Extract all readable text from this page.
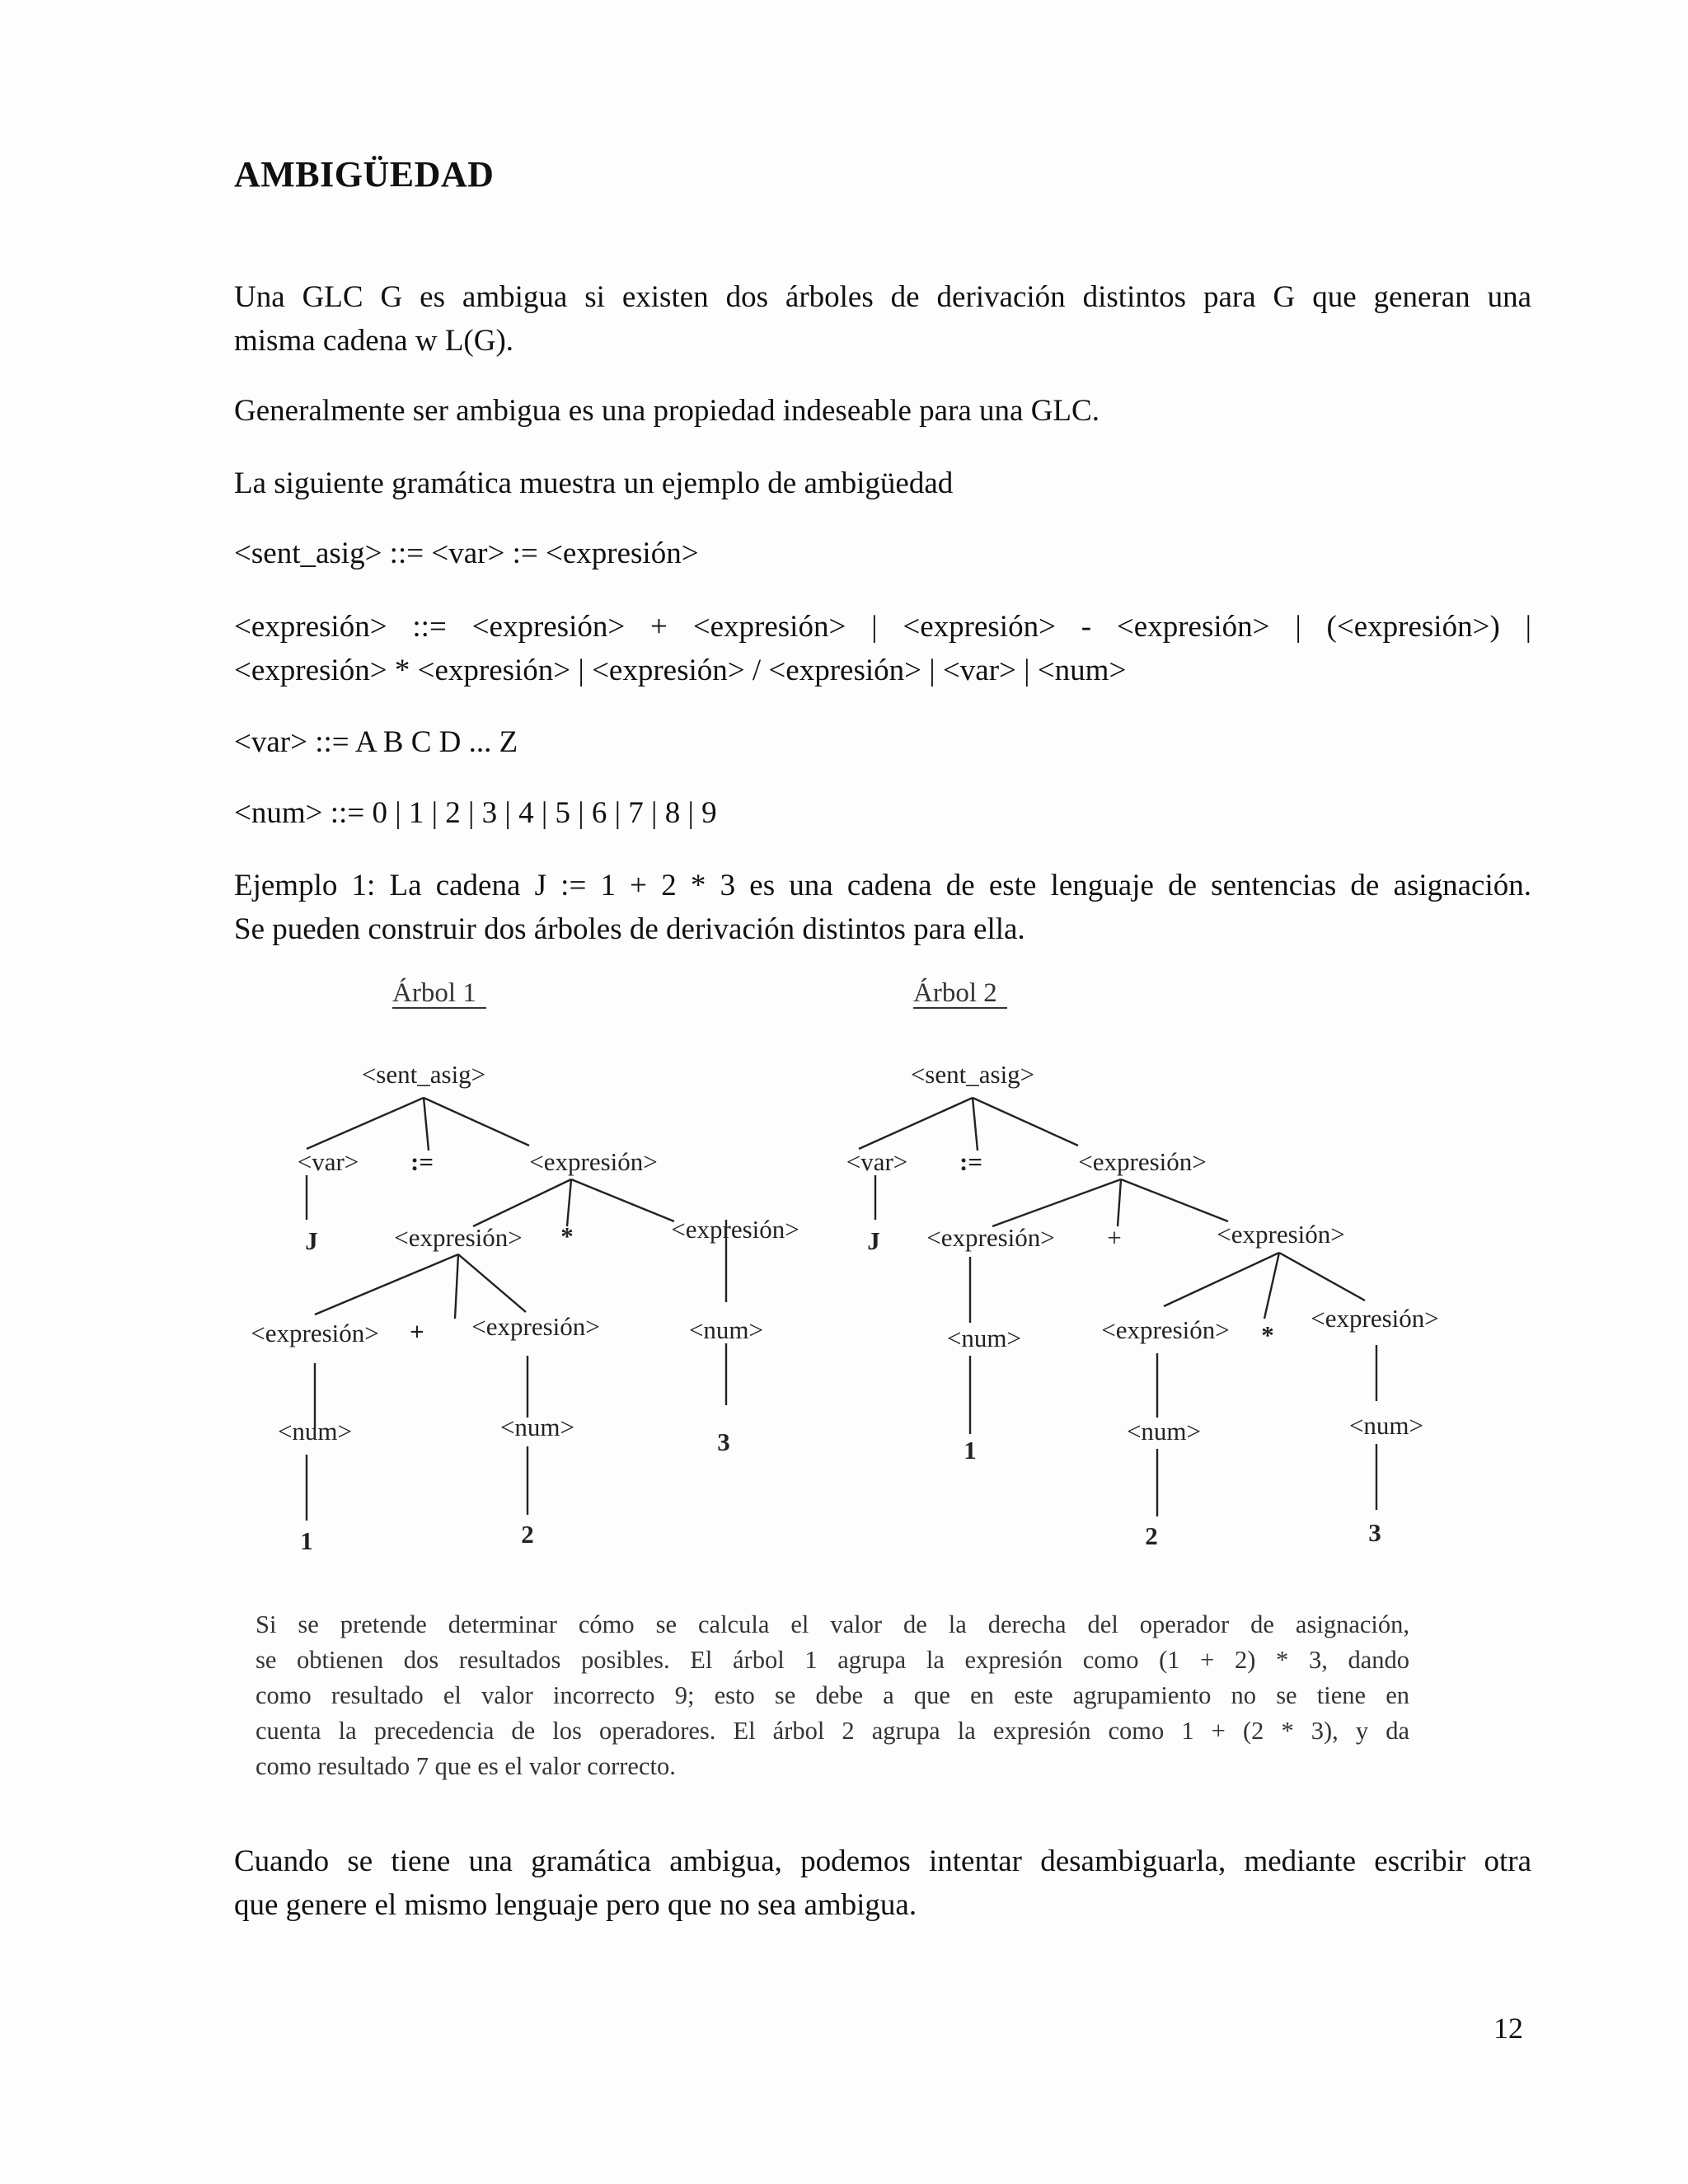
AMBIGÜEDAD

Una GLC G es ambigua si existen dos árboles de derivación distintos para G que generan una
misma cadena w L(G).

Generalmente ser ambigua es una propiedad indeseable para una GLC.

La siguiente gramática muestra un ejemplo de ambigüedad

<sent_asig> ::= <var> := <expresión>

<expresión> ::= <expresión> + <expresión> | <expresión> - <expresión> | (<expresión>) |
<expresión> * <expresión> | <expresión> / <expresión> | <var> | <num>

<var> ::= A B C D ... Z

<num> ::= 0 | 1 | 2 | 3 | 4 | 5 | 6 | 7 | 8 | 9

Ejemplo 1: La cadena J := 1 + 2 * 3 es una cadena de este lenguaje de sentencias de asignación.
Se pueden construir dos árboles de derivación distintos para ella.

Árbol 1	Árbol 2
<sent_asig>
<var> :=	<expresión>
J	<expresión> *	<expresión>
<expresión> + <expresión>	<num>
<num>	<num>
3
1	2
<sent_asig>
<var> :=	<expresión>
J <expresión> +	<expresión>
<num>	<expresión> *
<expresión>
1
<num>	<num>
2	3

Si se pretende determinar cómo se calcula el valor de la derecha del operador de asignación,
se obtienen dos resultados posibles. El árbol 1 agrupa la expresión como (1 + 2) * 3, dando
como resultado el valor incorrecto 9; esto se debe a que en este agrupamiento no se tiene en
cuenta la precedencia de los operadores. El árbol 2 agrupa la expresión como 1 + (2 * 3), y da
como resultado 7 que es el valor correcto.

Cuando se tiene una gramática ambigua, podemos intentar desambiguarla, mediante escribir otra
que genere el mismo lenguaje pero que no sea ambigua.

12
